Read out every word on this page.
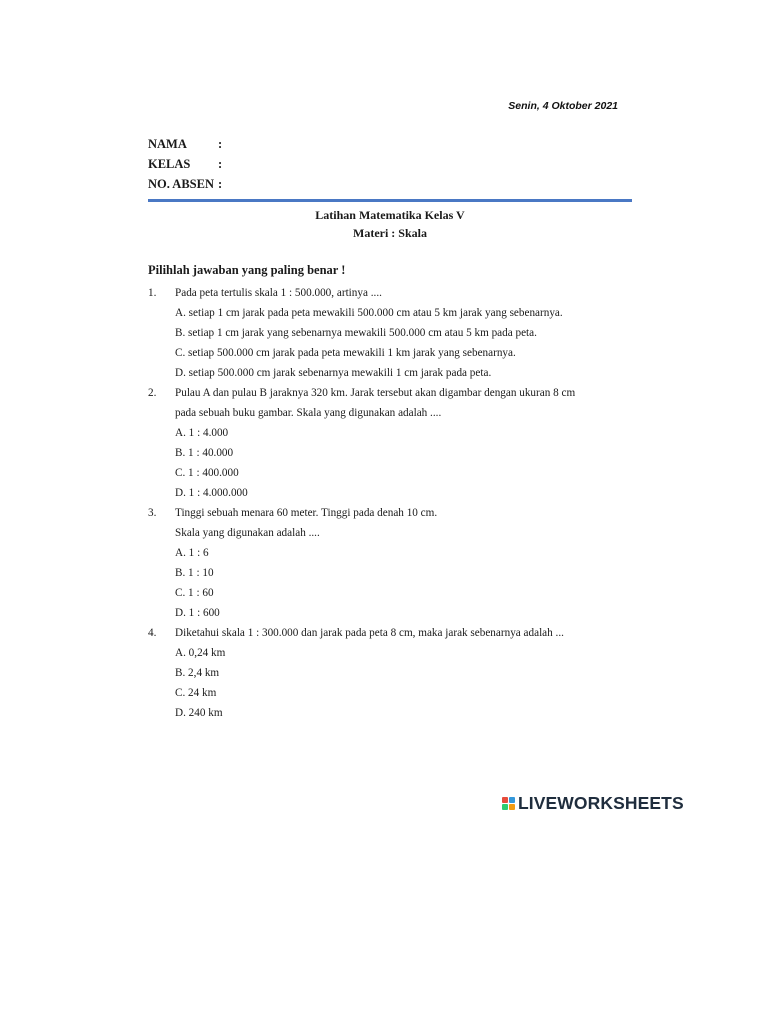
Senin, 4 Oktober 2021
NAMA	:
KELAS	:
NO. ABSEN :
Latihan Matematika Kelas V
Materi : Skala
Pilihlah jawaban yang paling benar !
1.	Pada peta tertulis skala 1 : 500.000, artinya ....
A. setiap 1 cm jarak pada peta mewakili 500.000 cm atau 5 km jarak yang sebenarnya.
B. setiap 1 cm jarak yang sebenarnya mewakili 500.000 cm atau 5 km pada peta.
C. setiap 500.000 cm jarak pada peta mewakili 1 km jarak yang sebenarnya.
D. setiap 500.000 cm jarak sebenarnya mewakili 1 cm jarak pada peta.
2.	Pulau A dan pulau B jaraknya 320 km. Jarak tersebut akan digambar dengan ukuran 8 cm
pada sebuah buku gambar. Skala yang digunakan adalah ....
A. 1 : 4.000
B. 1 : 40.000
C. 1 : 400.000
D. 1 : 4.000.000
3.	Tinggi sebuah menara 60 meter. Tinggi pada denah 10 cm.
Skala yang digunakan adalah ....
A. 1 : 6
B. 1 : 10
C. 1 : 60
D. 1 : 600
4.	Diketahui skala 1 : 300.000 dan jarak pada peta 8 cm, maka jarak sebenarnya adalah ...
A. 0,24 km
B. 2,4 km
C. 24 km
D. 240 km
LIVEWORKSHEETS
